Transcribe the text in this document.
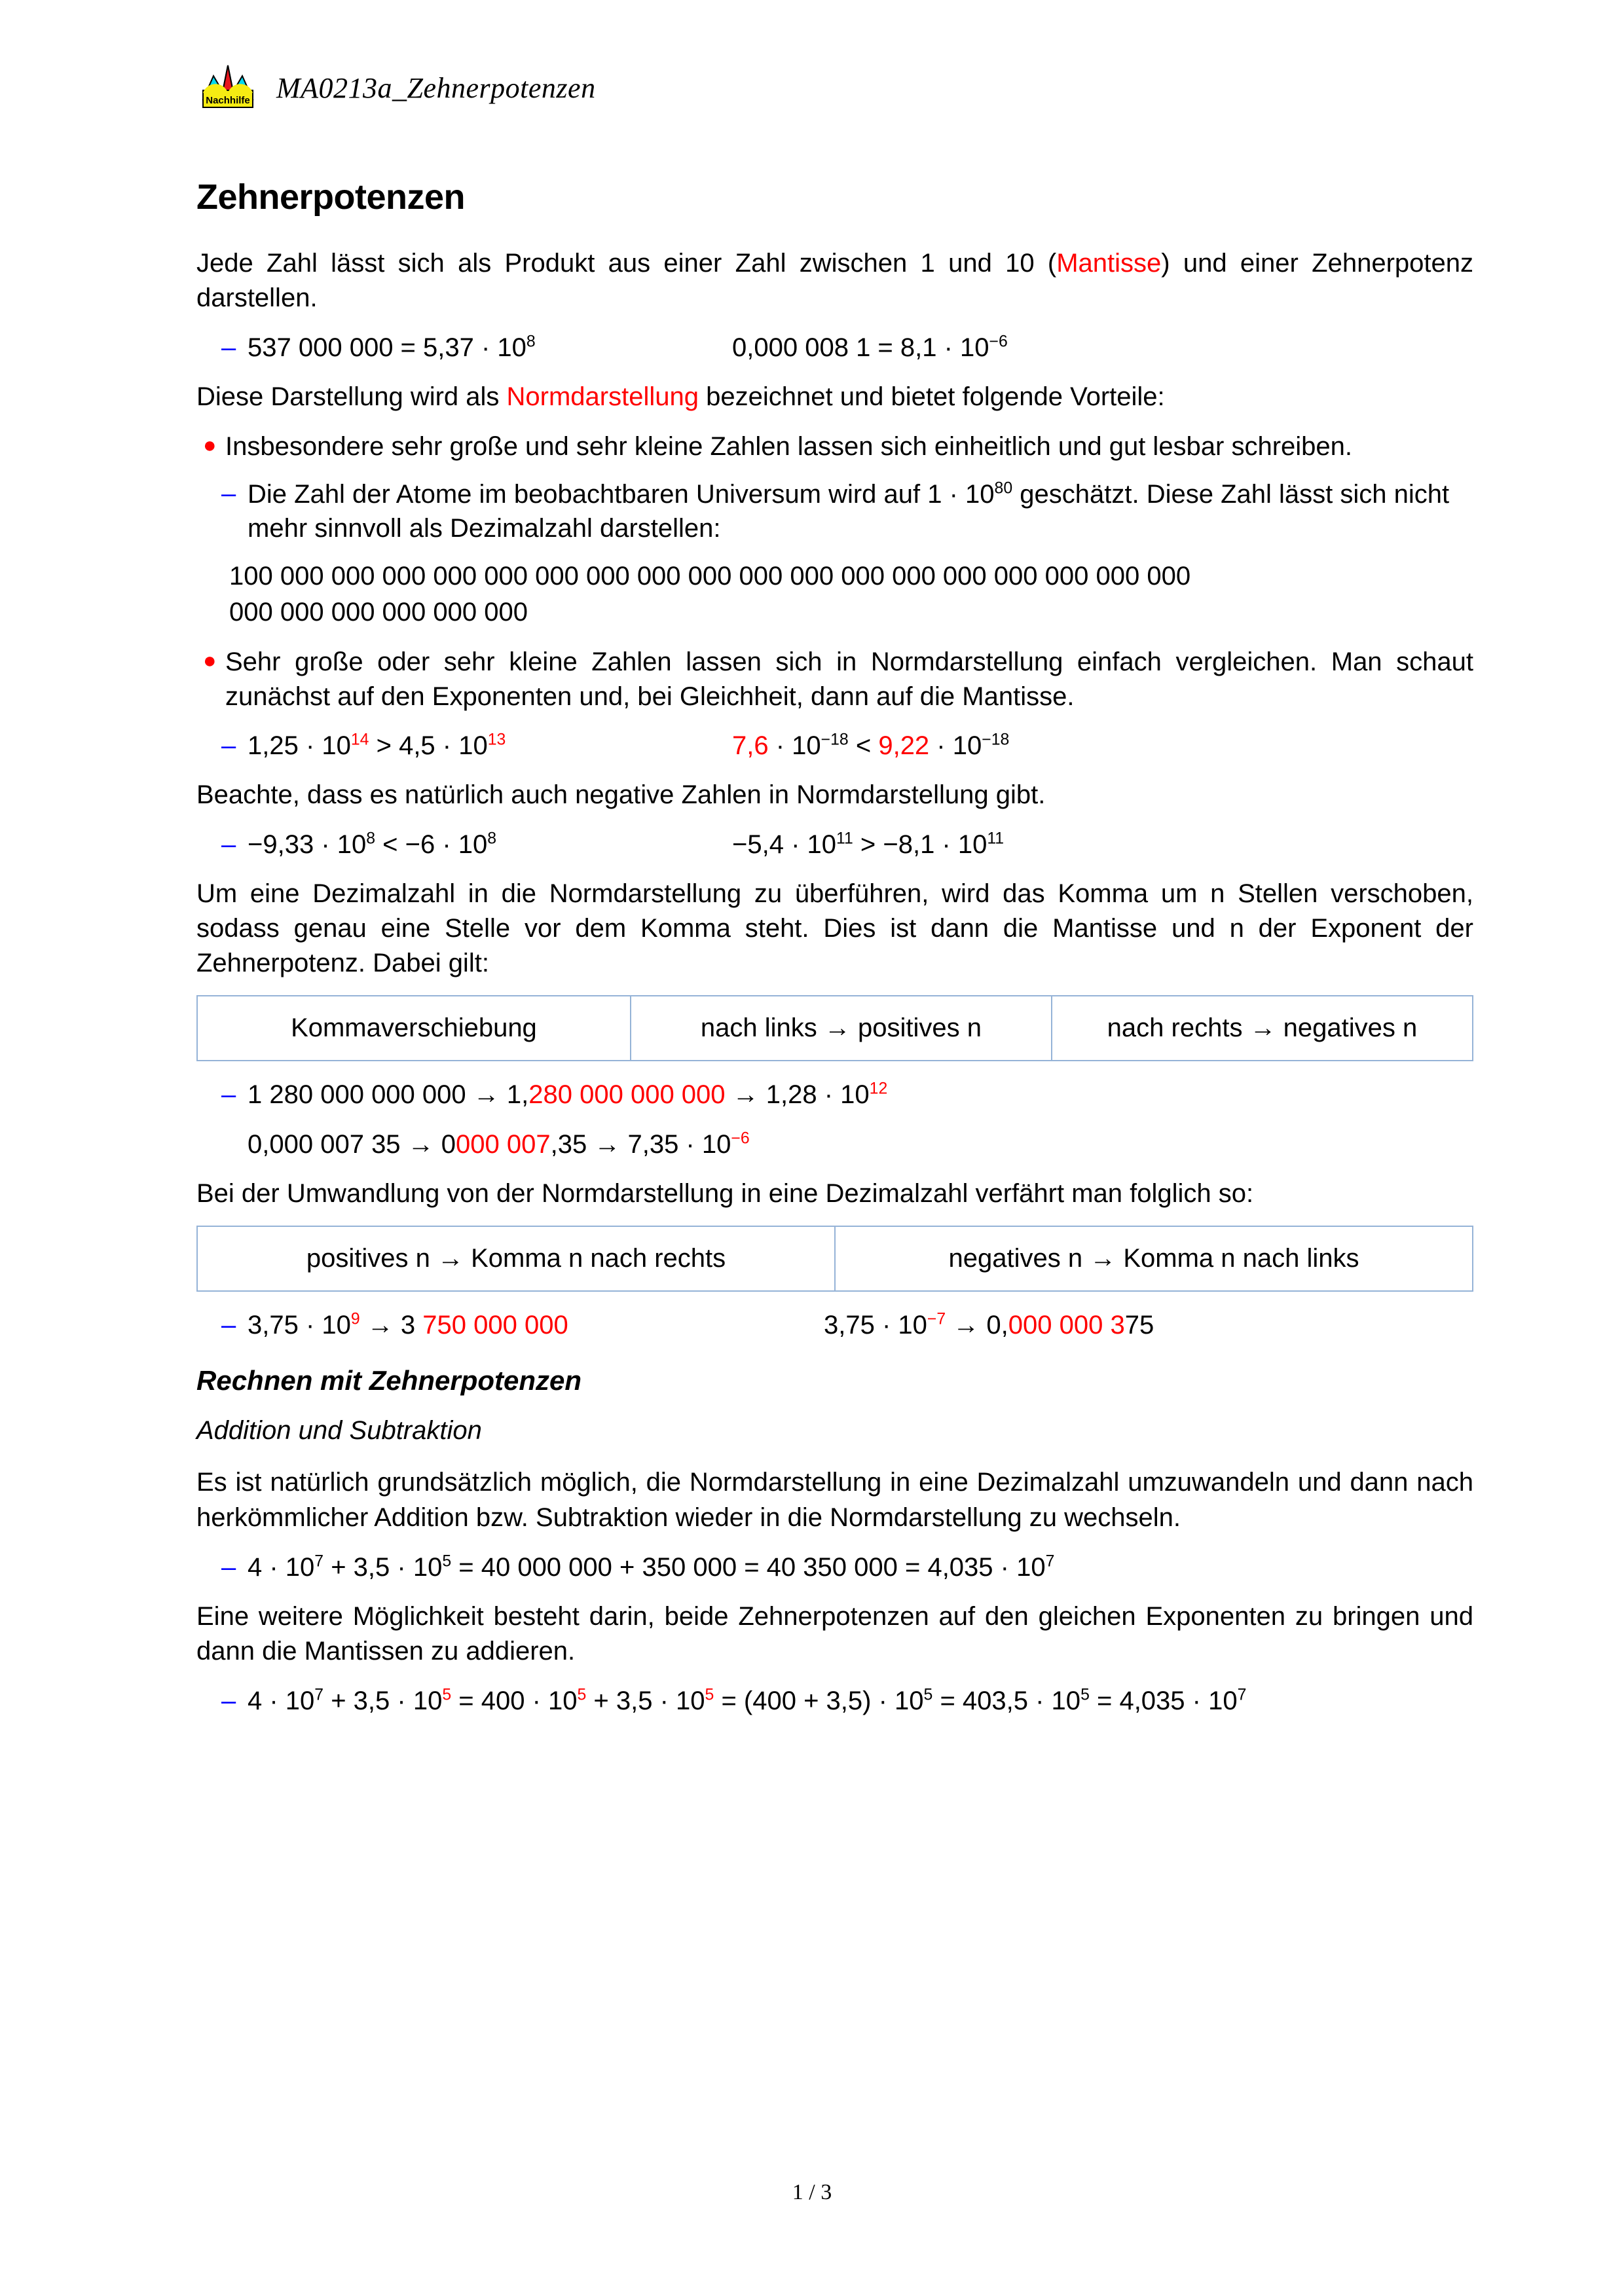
Nachhilfe MA0213a_Zehnerpotenzen
Zehnerpotenzen

Jede Zahl lässt sich als Produkt aus einer Zahl zwischen 1 und 10 (Mantisse) und einer Zehnerpotenz darstellen.

– 537 000 $000 = 5,37 \cdot 10^8$	0,000 008 $1 = 8,1 \cdot 10^{-6}$

Diese Darstellung wird als Normdarstellung bezeichnet und bietet folgende Vorteile:

● Insbesondere sehr große und sehr kleine Zahlen lassen sich einheitlich und gut lesbar schreiben.
– Die Zahl der Atome im beobachtbaren Universum wird auf $1 \cdot 10^{80}$ geschätzt. Diese Zahl lässt sich nicht mehr sinnvoll als Dezimalzahl darstellen:
100 000 000 000 000 000 000 000 000 000 000 000 000 000 000 000 000 000 000
000 000 000 000 000 000
● Sehr große oder sehr kleine Zahlen lassen sich in Normdarstellung einfach vergleichen. Man schaut zunächst auf den Exponenten und, bei Gleichheit, dann auf die Mantisse.
– $1,25 \cdot 10^{14} > 4,5 \cdot 10^{13}$	$7,6 \cdot 10^{-18} < 9,22 \cdot 10^{-18}$

Beachte, dass es natürlich auch negative Zahlen in Normdarstellung gibt.

– $-9,33 \cdot 10^8 < -6 \cdot 10^8$	$-5,4 \cdot 10^{11} > -8,1 \cdot 10^{11}$

Um eine Dezimalzahl in die Normdarstellung zu überführen, wird das Komma um n Stellen verschoben, sodass genau eine Stelle vor dem Komma steht. Dies ist dann die Mantisse und n der Exponent der Zehnerpotenz. Dabei gilt:

Kommaverschiebung	nach links → positives n	nach rechts → negatives n
– 1 280 000 000 000 → 1,280 000 000 $000 \to 1,28 \cdot 10^{12}$
0,000 007 35 → 0000 $007,35 \to 7,35 \cdot 10^{-6}$

Bei der Umwandlung von der Normdarstellung in eine Dezimalzahl verfährt man folglich so:

positives n → Komma n nach rechts	negatives n → Komma n nach links
– $3,75 \cdot 10^9 \to 3$ 750 000 000	$3,75 \cdot 10^{-7} \to 0,000$ 000 375
Rechnen mit Zehnerpotenzen
Addition und Subtraktion

Es ist natürlich grundsätzlich möglich, die Normdarstellung in eine Dezimalzahl umzuwandeln und dann nach herkömmlicher Addition bzw. Subtraktion wieder in die Normdarstellung zu wechseln.

– $4 \cdot 10^7 + 3,5 \cdot 10^5 = 40$ 000 000 + 350 000 = 40 350 $000 = 4,035 \cdot 10^7$

Eine weitere Möglichkeit besteht darin, beide Zehnerpotenzen auf den gleichen Exponenten zu bringen und dann die Mantissen zu addieren.

– $4 \cdot 10^7 + 3,5 \cdot 10^5 = 400 \cdot 10^5 + 3,5 \cdot 10^5 = (400 + 3,5) \cdot 10^5 = 403,5 \cdot 10^5 = 4,035 \cdot 10^7$
1 / 3
